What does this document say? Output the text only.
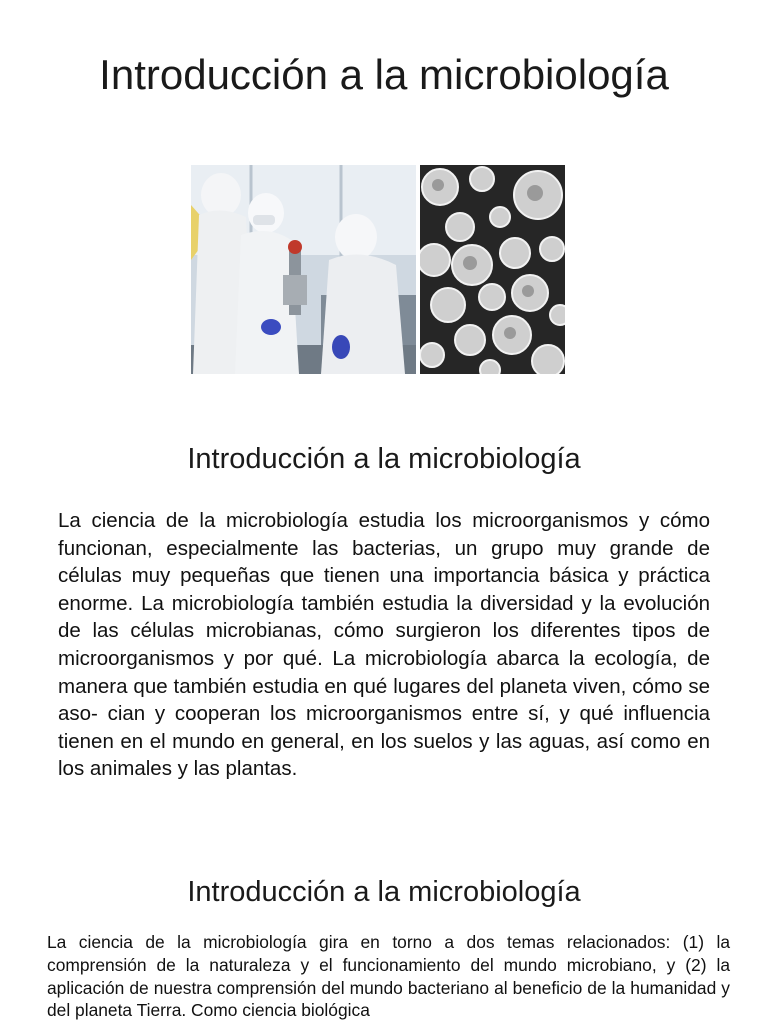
Introducción a la microbiología
Introducción a la microbiología

La ciencia de la microbiología estudia los microorganismos y cómo funcionan, especialmente las bacterias, un grupo muy grande de células muy pequeñas que tienen una importancia básica y práctica enorme. La microbiología también estudia la diversidad y la evolución de las células microbianas, cómo surgieron los diferentes tipos de microorganismos y por qué. La microbiología abarca la ecología, de manera que también estudia en qué lugares del planeta viven, cómo se aso- cian y cooperan los microorganismos entre sí, y qué influencia tienen en el mundo en general, en los suelos y las aguas, así como en los animales y las plantas.

Introducción a la microbiología

La ciencia de la microbiología gira en torno a dos temas relacionados: (1) la comprensión de la naturaleza y el funcionamiento del mundo microbiano, y (2) la aplicación de nuestra comprensión del mundo bacteriano al beneficio de la humanidad y del planeta Tierra. Como ciencia biológica
